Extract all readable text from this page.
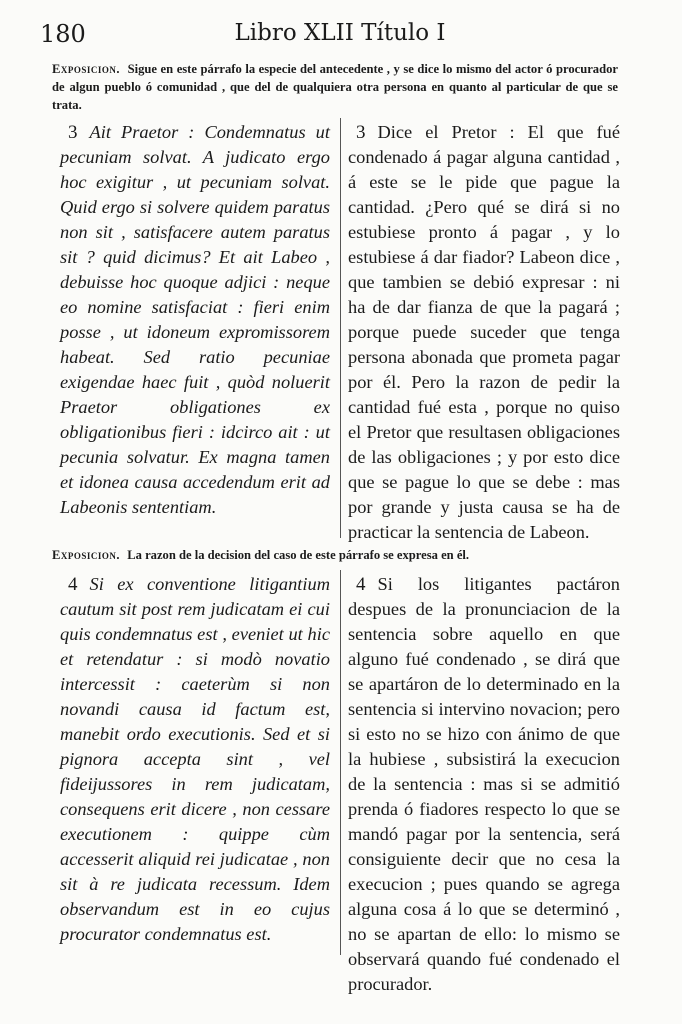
180	Libro XLII Título I
Exposicion. Sigue en este párrafo la especie del antecedente , y se dice lo mismo del actor ó procurador de algun pueblo ó comunidad , que del de qualquiera otra persona en quanto al particular de que se trata.
3 Ait Praetor : Condemnatus ut pecuniam solvat. A judicato ergo hoc exigitur , ut pecuniam solvat. Quid ergo si solvere quidem paratus non sit , satisfacere autem paratus sit ? quid dicimus? Et ait Labeo , debuisse hoc quoque adjici : neque eo nomine satisfaciat : fieri enim posse , ut idoneum expromissorem habeat. Sed ratio pecuniae exigendae haec fuit , quòd noluerit Praetor obligationes ex obligationibus fieri : idcirco ait : ut pecunia solvatur. Ex magna tamen et idonea causa accedendum erit ad Labeonis sententiam.
3 Dice el Pretor : El que fué condenado á pagar alguna cantidad , á este se le pide que pague la cantidad. ¿Pero qué se dirá si no estubiese pronto á pagar , y lo estubiese á dar fiador? Labeon dice , que tambien se debió expresar : ni ha de dar fianza de que la pagará ; porque puede suceder que tenga persona abonada que prometa pagar por él. Pero la razon de pedir la cantidad fué esta , porque no quiso el Pretor que resultasen obligaciones de las obligaciones ; y por esto dice que se pague lo que se debe : mas por grande y justa causa se ha de practicar la sentencia de Labeon.
Exposicion. La razon de la decision del caso de este párrafo se expresa en él.
4 Si ex conventione litigantium cautum sit post rem judicatam ei cui quis condemnatus est , eveniet ut hic et retendatur : si modò novatio intercessit : caeterùm si non novandi causa id factum est, manebit ordo executionis. Sed et si pignora accepta sint , vel fideijussores in rem judicatam, consequens erit dicere , non cessare executionem : quippe cùm accesserit aliquid rei judicatae , non sit à re judicata recessum. Idem observandum est in eo cujus procurator condemnatus est.
4 Si los litigantes pactáron despues de la pronunciacion de la sentencia sobre aquello en que alguno fué condenado , se dirá que se apartáron de lo determinado en la sentencia si intervino novacion; pero si esto no se hizo con ánimo de que la hubiese , subsistirá la execucion de la sentencia : mas si se admitió prenda ó fiadores respecto lo que se mandó pagar por la sentencia, será consiguiente decir que no cesa la execucion ; pues quando se agrega alguna cosa á lo que se determinó , no se apartan de ello: lo mismo se observará quando fué condenado el procurador.
